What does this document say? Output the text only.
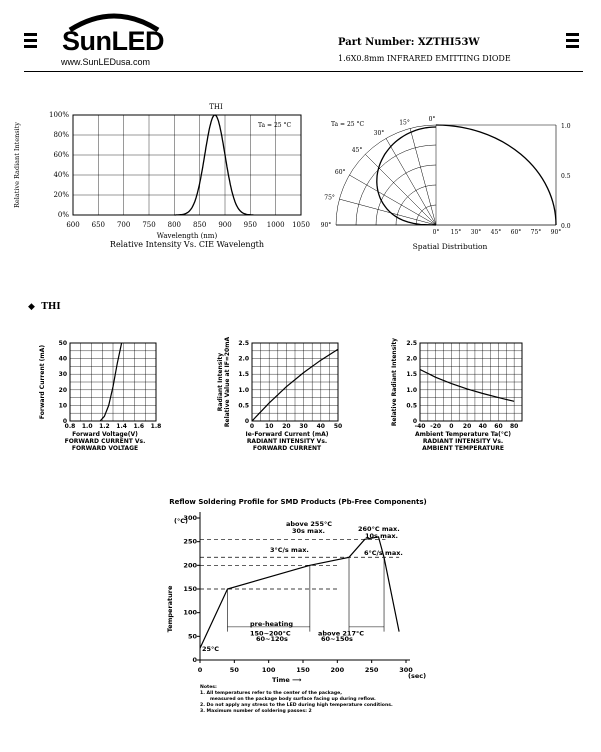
SunLED
www.SunLEDusa.com
Part Number: XZTHI53W
1.6X0.8mm INFRARED EMITTING DIODE
THI
600 650 700 750 800 850 900 950 1000 1050
0%
20%
40%
60%
80%
100%
Ta = 25 °C
Wavelength (nm)
Relative Intensity Vs. CIE Wavelength
Relative Radiant Intensity
0°
15°
30°
45°
60°
75°
90°
1.0
0.5
0.0
0° 15° 30° 45° 60° 75° 90°
Ta = 25 °C
Spatial Distribution
◆  THI
0.8 1.0 1.2 1.4 1.6 1.8
0
10
20
30
40
50
Forward Voltage(V)
FORWARD CURRENT Vs.
FORWARD VOLTAGE
Forward Current (mA)
0 10 20 30 40 50
0
0.5
1.0
1.5
2.0
2.5
Ie-Forward Current (mA)
RADIANT INTENSITY Vs.
FORWARD CURRENT
Radiant Intensity Relative Value at IF=20mA	-40 -20 0 20 40 60 80
0
0.5
1.0
1.5
2.0
2.5
Ambient Temperature Ta(°C)
RADIANT INTENSITY Vs.
AMBIENT TEMPERATURE
Relative Radiant Intensity
Reflow Soldering Profile for SMD Products (Pb-Free Components)
0	50	100	150	200	250	300
0
50
100
150
200
250
300
(°C)
(sec)
Time ⟶
Temperature
25°C
above 255°C
30s max.	260°C max.
10s max.
3°C/s max.	6°C/s max.
pre-heating
150~200°C
60~120s
above 217°C
60~150s
Notes:
1. All temperatures refer to the center of the package,
measured on the package body surface facing up during reflow.
2. Do not apply any stress to the LED during high temperature conditions.
3. Maximum number of soldering passes: 2
